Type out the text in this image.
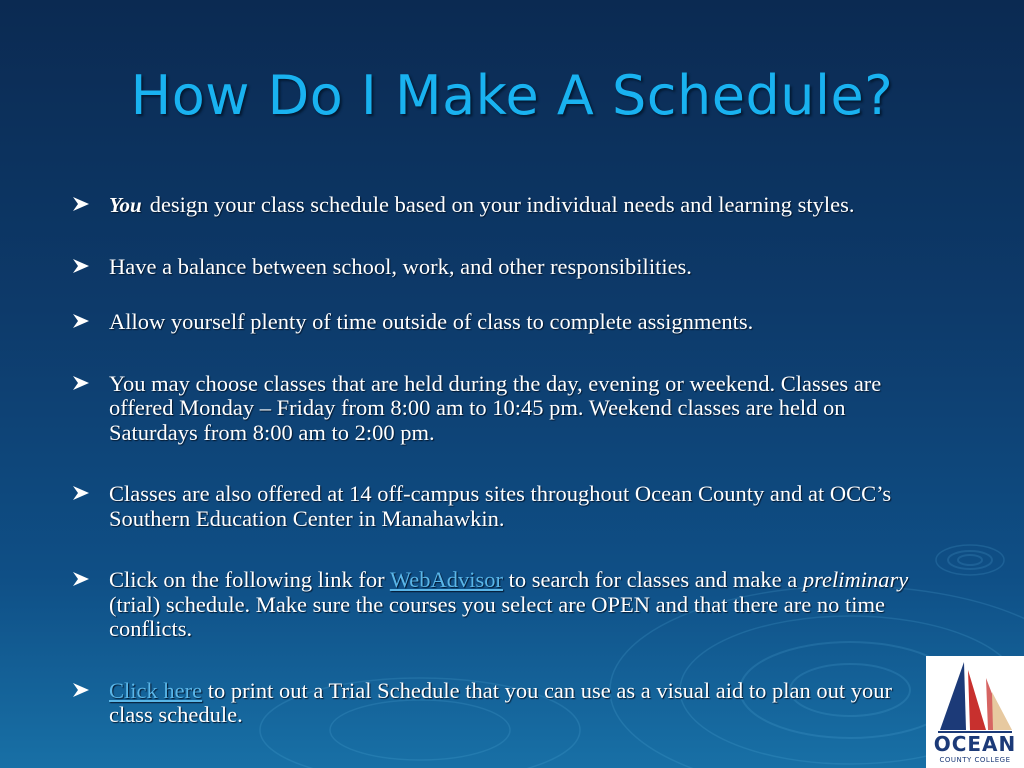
How Do I Make A Schedule?
You design your class schedule based on your individual needs and learning styles.
Have a balance between school, work, and other responsibilities.
Allow yourself plenty of time outside of class to complete assignments.
You may choose classes that are held during the day, evening or weekend. Classes are offered Monday – Friday from 8:00 am to 10:45 pm. Weekend classes are held on Saturdays from 8:00 am to 2:00 pm.
Classes are also offered at 14 off-campus sites throughout Ocean County and at OCC’s Southern Education Center in Manahawkin.
Click on the following link for WebAdvisor to search for classes and make a preliminary (trial) schedule. Make sure the courses you select are OPEN and that there are no time conflicts.
Click here to print out a Trial Schedule that you can use as a visual aid to plan out your class schedule.
OCEAN
COUNTY COLLEGE
